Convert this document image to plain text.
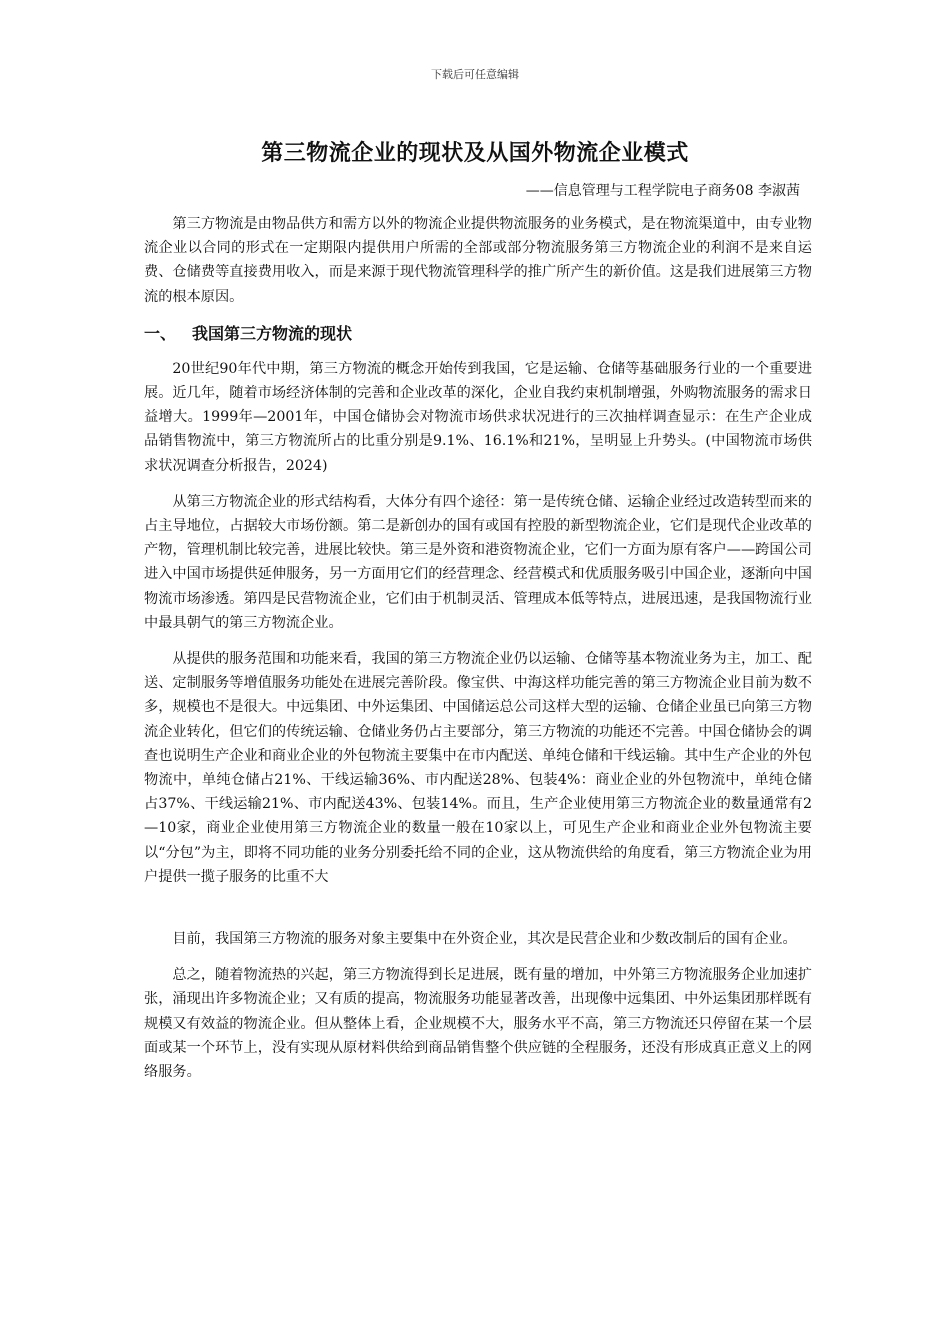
下载后可任意编辑
第三物流企业的现状及从国外物流企业模式
——信息管理与工程学院电子商务08 李淑茜

第三方物流是由物品供方和需方以外的物流企业提供物流服务的业务模式，是在物流渠道中，由专业物流企业以合同的形式在一定期限内提供用户所需的全部或部分物流服务第三方物流企业的利润不是来自运费、仓储费等直接费用收入，而是来源于现代物流管理科学的推广所产生的新价值。这是我们进展第三方物流的根本原因。

一、 我国第三方物流的现状

20世纪90年代中期，第三方物流的概念开始传到我国，它是运输、仓储等基础服务行业的一个重要进展。近几年，随着市场经济体制的完善和企业改革的深化，企业自我约束机制增强，外购物流服务的需求日益增大。1999年—2001年，中国仓储协会对物流市场供求状况进行的三次抽样调查显示：在生产企业成品销售物流中，第三方物流所占的比重分别是9.1%、16.1%和21%，呈明显上升势头。(中国物流市场供求状况调查分析报告，2024)

从第三方物流企业的形式结构看，大体分有四个途径：第一是传统仓储、运输企业经过改造转型而来的占主导地位，占据较大市场份额。第二是新创办的国有或国有控股的新型物流企业，它们是现代企业改革的产物，管理机制比较完善，进展比较快。第三是外资和港资物流企业，它们一方面为原有客户——跨国公司进入中国市场提供延伸服务，另一方面用它们的经营理念、经营模式和优质服务吸引中国企业，逐渐向中国物流市场渗透。第四是民营物流企业，它们由于机制灵活、管理成本低等特点，进展迅速，是我国物流行业中最具朝气的第三方物流企业。

从提供的服务范围和功能来看，我国的第三方物流企业仍以运输、仓储等基本物流业务为主，加工、配送、定制服务等增值服务功能处在进展完善阶段。像宝供、中海这样功能完善的第三方物流企业目前为数不多，规模也不是很大。中远集团、中外运集团、中国储运总公司这样大型的运输、仓储企业虽已向第三方物流企业转化，但它们的传统运输、仓储业务仍占主要部分，第三方物流的功能还不完善。中国仓储协会的调查也说明生产企业和商业企业的外包物流主要集中在市内配送、单纯仓储和干线运输。其中生产企业的外包物流中，单纯仓储占21%、干线运输36%、市内配送28%、包装4%：商业企业的外包物流中，单纯仓储占37%、干线运输21%、市内配送43%、包装14%。而且，生产企业使用第三方物流企业的数量通常有2—10家，商业企业使用第三方物流企业的数量一般在10家以上，可见生产企业和商业企业外包物流主要以“分包”为主，即将不同功能的业务分别委托给不同的企业，这从物流供给的角度看，第三方物流企业为用户提供一揽子服务的比重不大

目前，我国第三方物流的服务对象主要集中在外资企业，其次是民营企业和少数改制后的国有企业。

总之，随着物流热的兴起，第三方物流得到长足进展，既有量的增加，中外第三方物流服务企业加速扩张，涌现出许多物流企业；又有质的提高，物流服务功能显著改善，出现像中远集团、中外运集团那样既有规模又有效益的物流企业。但从整体上看，企业规模不大，服务水平不高，第三方物流还只停留在某一个层面或某一个环节上，没有实现从原材料供给到商品销售整个供应链的全程服务，还没有形成真正意义上的网络服务。
